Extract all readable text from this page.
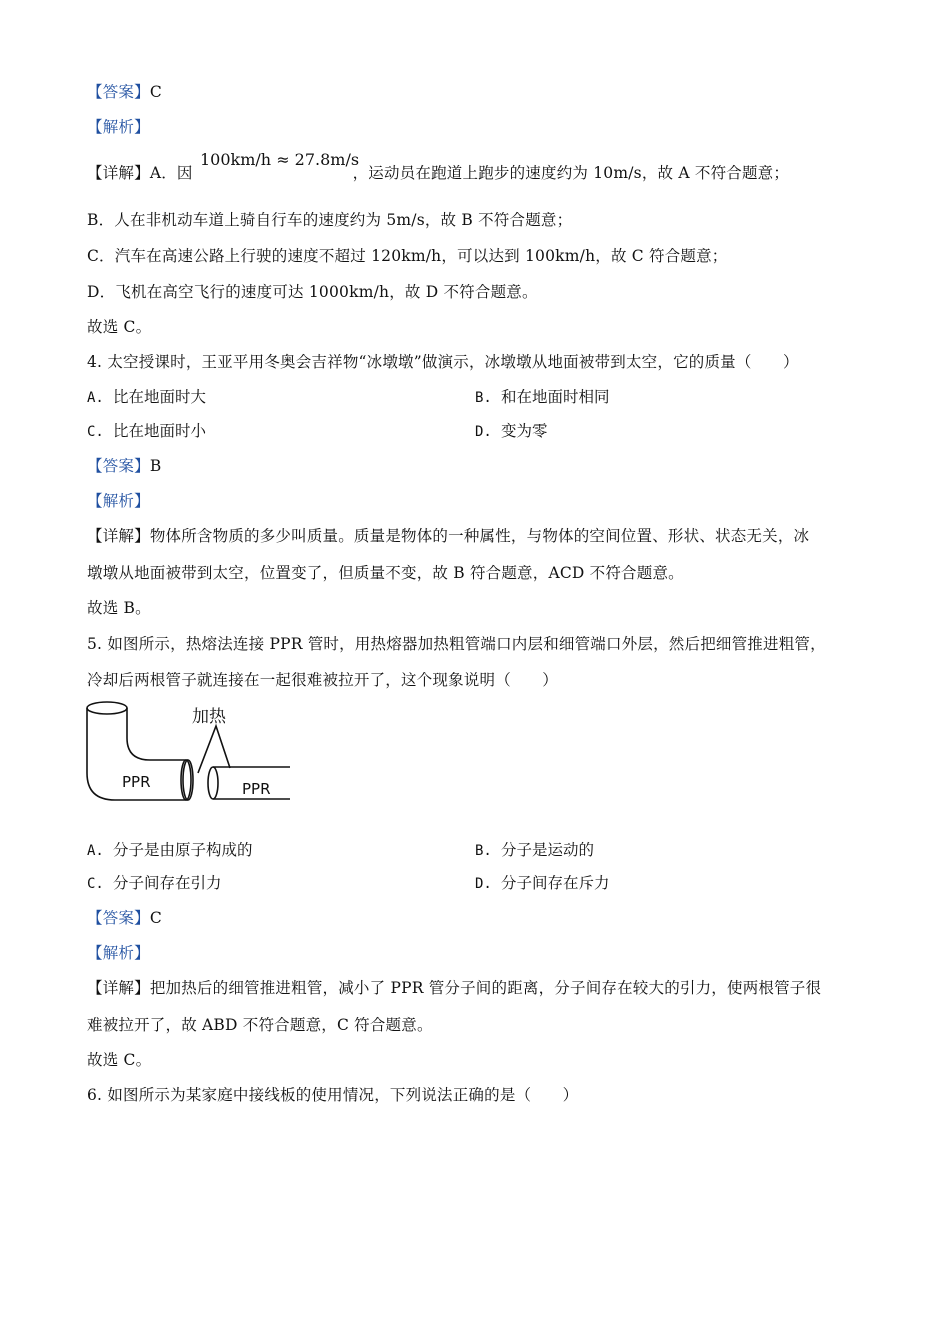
【答案】C
【解析】
【详解】A．因	，运动员在跑道上跑步的速度约为 10m/s，故 A 不符合题意；
100km/h ≈ 27.8m/s
B．人在非机动车道上骑自行车的速度约为 5m/s，故 B 不符合题意；
C．汽车在高速公路上行驶的速度不超过 120km/h，可以达到 100km/h，故 C 符合题意；
D．飞机在高空飞行的速度可达 1000km/h，故 D 不符合题意。
故选 C。
4. 太空授课时，王亚平用冬奥会吉祥物“冰墩墩”做演示，冰墩墩从地面被带到太空，它的质量（　　）
A. 比在地面时大	B. 和在地面时相同
C. 比在地面时小	D. 变为零
【答案】B
【解析】
【详解】物体所含物质的多少叫质量。质量是物体的一种属性，与物体的空间位置、形状、状态无关，冰
墩墩从地面被带到太空，位置变了，但质量不变，故 B 符合题意，ACD 不符合题意。
故选 B。
5. 如图所示，热熔法连接 PPR 管时，用热熔器加热粗管端口内层和细管端口外层，然后把细管推进粗管，
冷却后两根管子就连接在一起很难被拉开了，这个现象说明（　　）
加热
PPR	PPR
A. 分子是由原子构成的	B. 分子是运动的
C. 分子间存在引力	D. 分子间存在斥力
【答案】C
【解析】
【详解】把加热后的细管推进粗管，减小了 PPR 管分子间的距离，分子间存在较大的引力，使两根管子很
难被拉开了，故 ABD 不符合题意，C 符合题意。
故选 C。
6. 如图所示为某家庭中接线板的使用情况，下列说法正确的是（　　）
